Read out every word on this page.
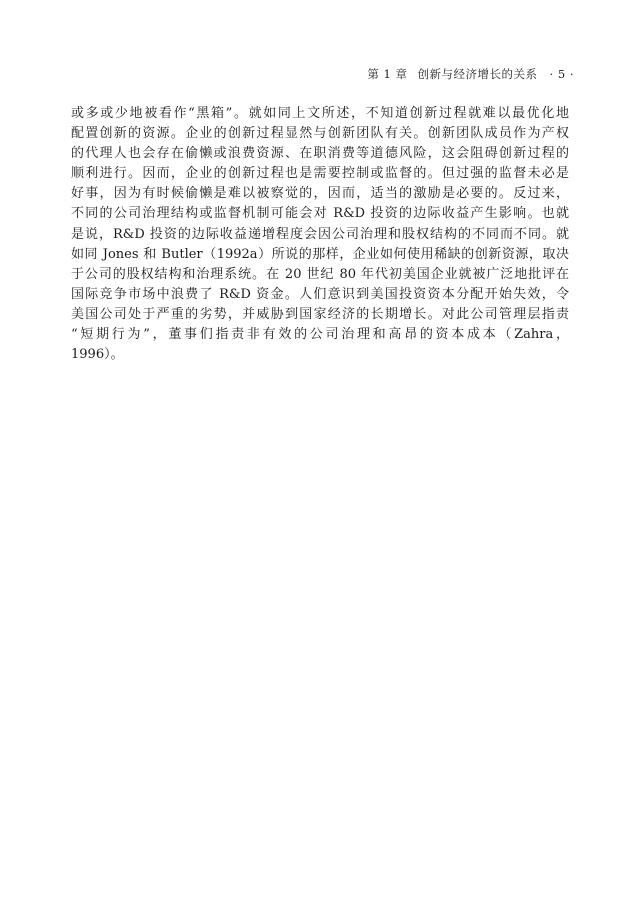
第 1 章 创新与经济增长的关系 · 5 ·
或多或少地被看作“黑箱”。就如同上文所述，不知道创新过程就难以最优化地
配置创新的资源。企业的创新过程显然与创新团队有关。创新团队成员作为产权
的代理人也会存在偷懒或浪费资源、在职消费等道德风险，这会阻碍创新过程的
顺利进行。因而，企业的创新过程也是需要控制或监督的。但过强的监督未必是
好事，因为有时候偷懒是难以被察觉的，因而，适当的激励是必要的。反过来，
不同的公司治理结构或监督机制可能会对 R&D 投资的边际收益产生影响。也就
是说，R&D 投资的边际收益递增程度会因公司治理和股权结构的不同而不同。就
如同 Jones 和 Butler（1992a）所说的那样，企业如何使用稀缺的创新资源，取决
于公司的股权结构和治理系统。在 20 世纪 80 年代初美国企业就被广泛地批评在
国际竞争市场中浪费了 R&D 资金。人们意识到美国投资资本分配开始失效，令
美国公司处于严重的劣势，并威胁到国家经济的长期增长。对此公司管理层指责
“短期行为”，董事们指责非有效的公司治理和高昂的资本成本（Zahra，
1996）。
